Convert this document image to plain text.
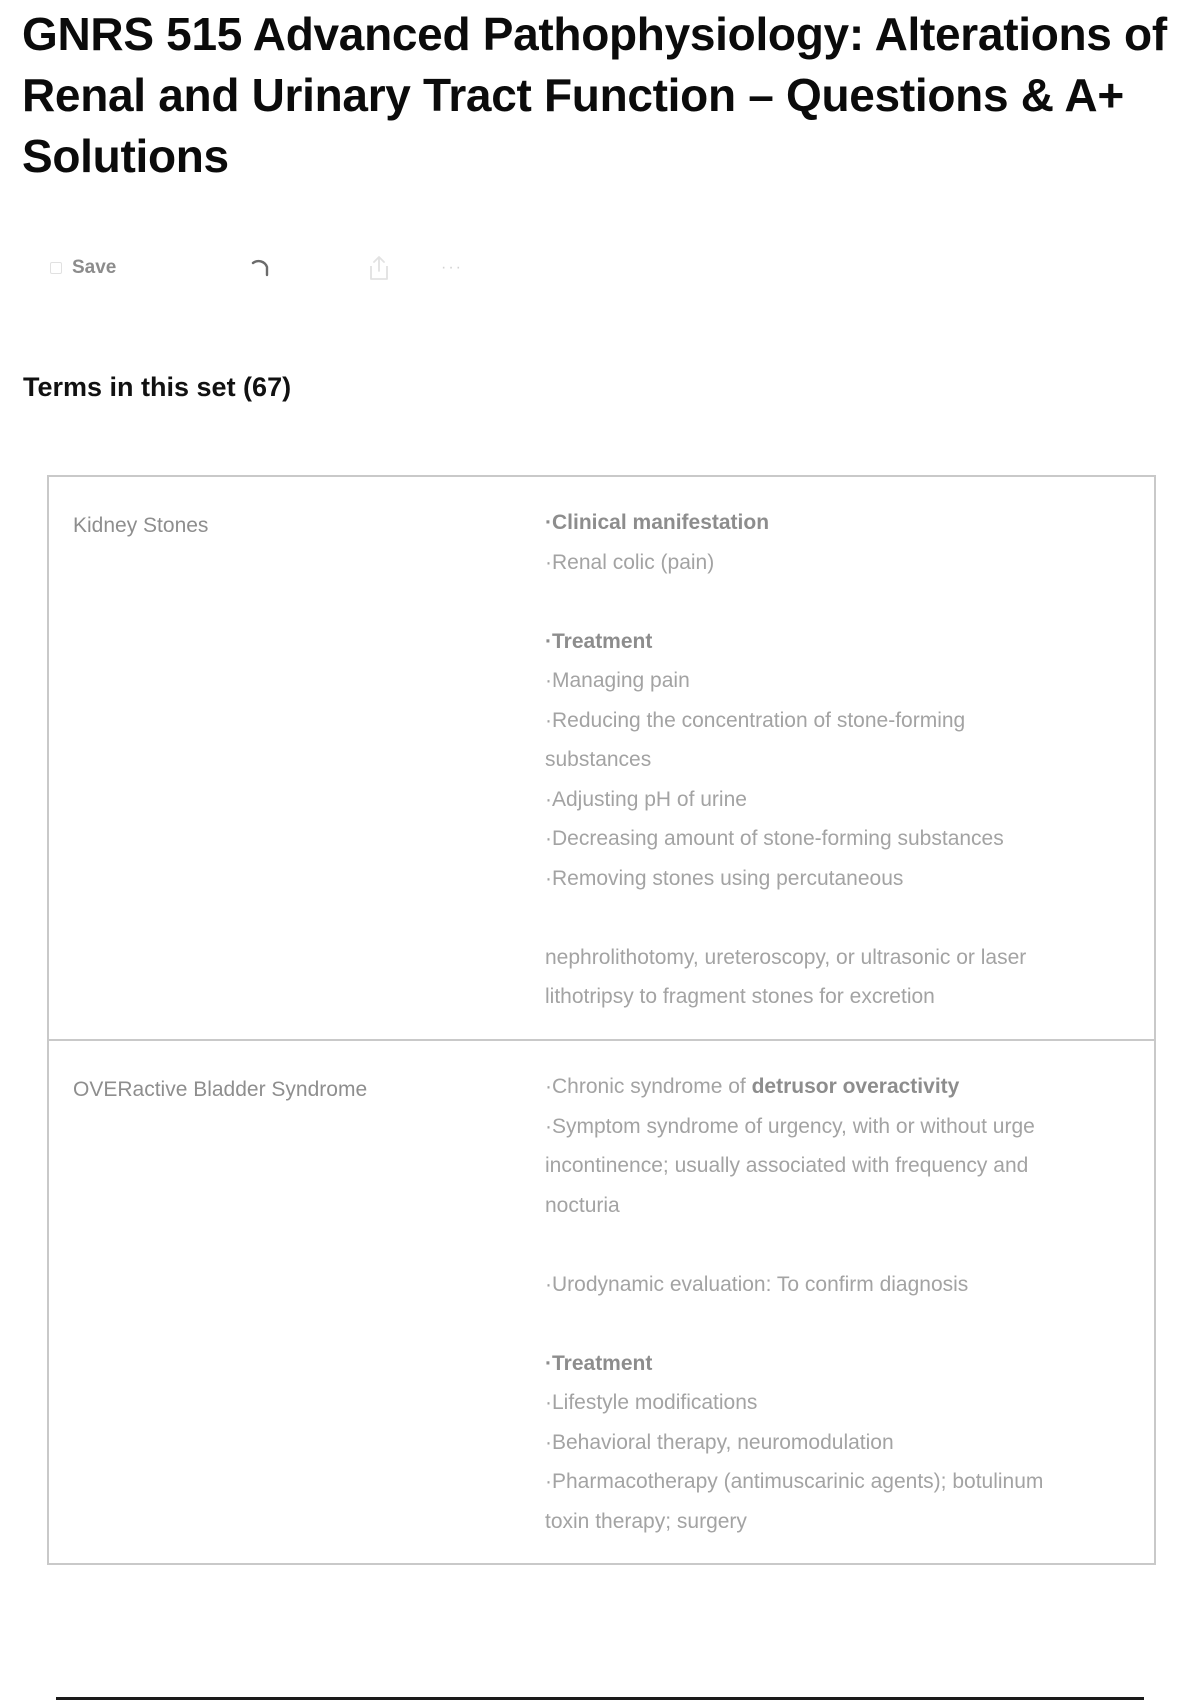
GNRS 515 Advanced Pathophysiology: Alterations of Renal and Urinary Tract Function – Questions & A+ Solutions
Save	···
Terms in this set (67)
Kidney Stones	·Clinical manifestation
·Renal colic (pain)
·Treatment
·Managing pain
·Reducing the concentration of stone-forming
substances
·Adjusting pH of urine
·Decreasing amount of stone-forming substances
·Removing stones using percutaneous
nephrolithotomy, ureteroscopy, or ultrasonic or laser
lithotripsy to fragment stones for excretion
OVERactive Bladder Syndrome	·Chronic syndrome of detrusor overactivity
·Symptom syndrome of urgency, with or without urge
incontinence; usually associated with frequency and
nocturia
·Urodynamic evaluation: To confirm diagnosis
·Treatment
·Lifestyle modifications
·Behavioral therapy, neuromodulation
·Pharmacotherapy (antimuscarinic agents); botulinum
toxin therapy; surgery
